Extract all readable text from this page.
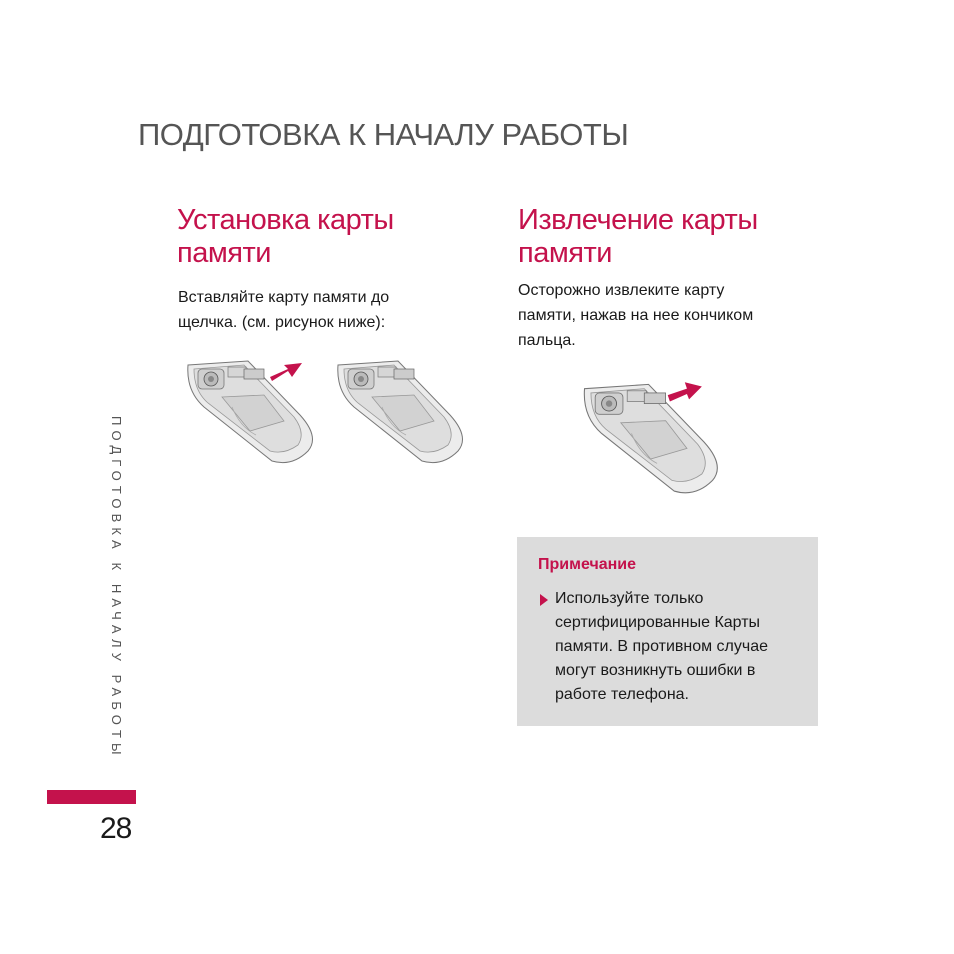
ПОДГОТОВКА К НАЧАЛУ РАБОТЫ
ПОДГОТОВКА К НАЧАЛУ РАБОТЫ
28
Установка карты
памяти
Вставляйте карту памяти до
щелчка. (см. рисунок ниже):
Извлечение карты
памяти
Осторожно извлеките карту
памяти, нажав на нее кончиком
пальца.
Примечание
Используйте только
сертифицированные Карты
памяти. В противном случае
могут возникнуть ошибки в
работе телефона.
